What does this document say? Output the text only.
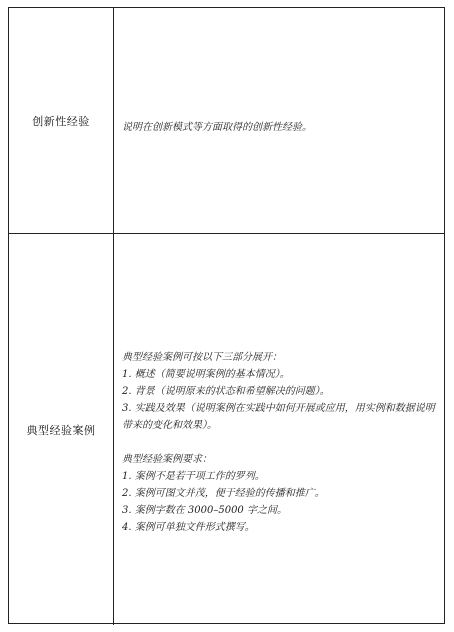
创新性经验	说明在创新模式等方面取得的创新性经验。
典型经验案例
典型经验案例可按以下三部分展开：
1. 概述（简要说明案例的基本情况）。
2. 背景（说明原来的状态和希望解决的问题）。
3. 实践及效果（说明案例在实践中如何开展或应用，用实例和数据说明带来的变化和效果）。
典型经验案例要求：
1. 案例不是若干项工作的罗列。
2. 案例可图文并茂，便于经验的传播和推广。
3. 案例字数在 3000–5000 字之间。
4. 案例可单独文件形式撰写。
